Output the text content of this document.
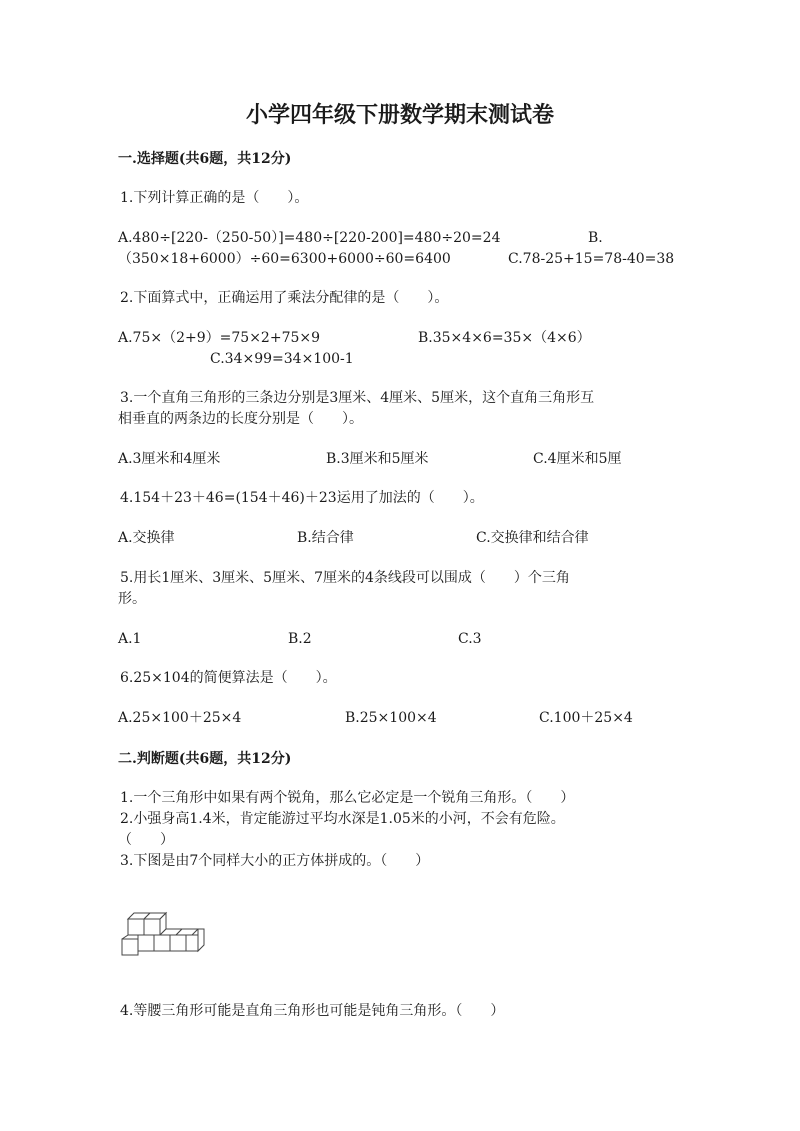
小学四年级下册数学期末测试卷
一.选择题(共6题，共12分)
1.下列计算正确的是（　　）。
A.480÷[220-（250-50）]=480÷[220-200]=480÷20=24	B.
（350×18+6000）÷60=6300+6000÷60=6400	C.78-25+15=78-40=38
2.下面算式中，正确运用了乘法分配律的是（　　）。
A.75×（2+9）=75×2+75×9	B.35×4×6=35×（4×6）
C.34×99=34×100-1
3.一个直角三角形的三条边分别是3厘米、4厘米、5厘米，这个直角三角形互
相垂直的两条边的长度分别是（　　）。
A.3厘米和4厘米	B.3厘米和5厘米	C.4厘米和5厘
4.154＋23＋46=(154＋46)＋23运用了加法的（　　）。
A.交换律	B.结合律	C.交换律和结合律
5.用长1厘米、3厘米、5厘米、7厘米的4条线段可以围成（　　）个三角
形。
A.1	B.2	C.3
6.25×104的简便算法是（　　）。
A.25×100＋25×4	B.25×100×4	C.100＋25×4
二.判断题(共6题，共12分)
1.一个三角形中如果有两个锐角，那么它必定是一个锐角三角形。（　　）
2.小强身高1.4米，肯定能游过平均水深是1.05米的小河，不会有危险。
（　　）
3.下图是由7个同样大小的正方体拼成的。（　　）
4.等腰三角形可能是直角三角形也可能是钝角三角形。（　　）
